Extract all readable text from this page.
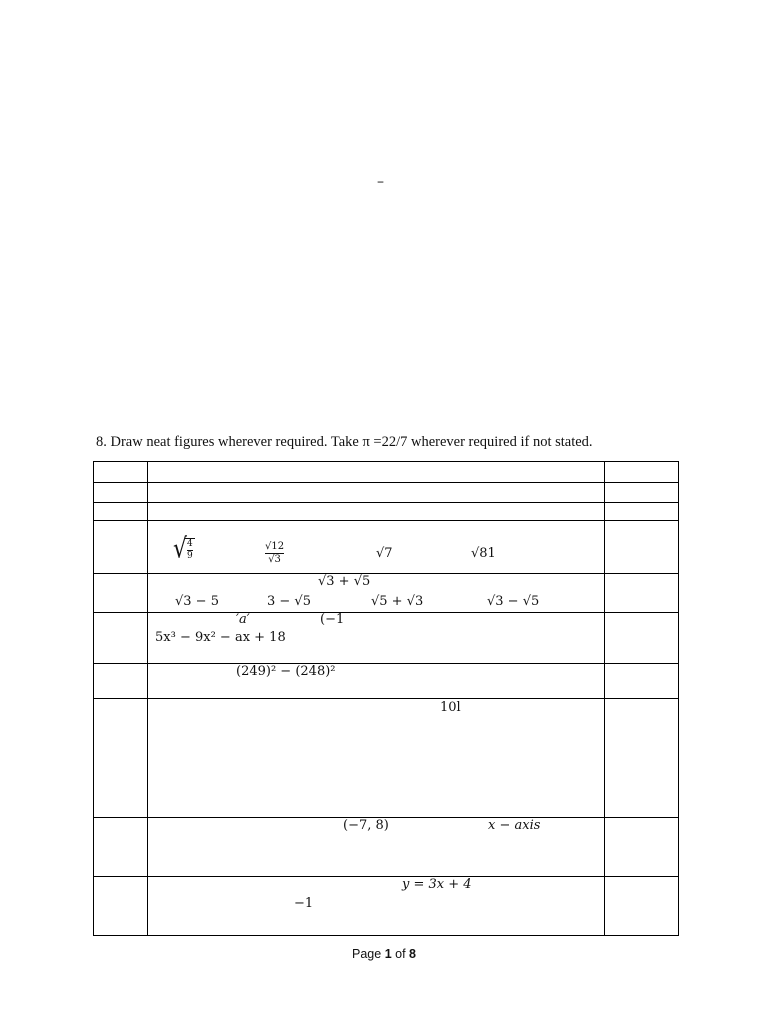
–
8. Draw neat figures wherever required. Take π =22/7 wherever required if not stated.

√ $\frac{4}{9}$	$\frac{√12}{√3}$	√7	√81
√3 + √5
√3 − 5	3 − √5	√5 + √3	√3 − √5
′a′	(−1
5x³ − 9x² − ax + 18
(249)² − (248)²
10l
(−7, 8)	x − axis
y = 3x + 4
−1
Page 1 of 8
